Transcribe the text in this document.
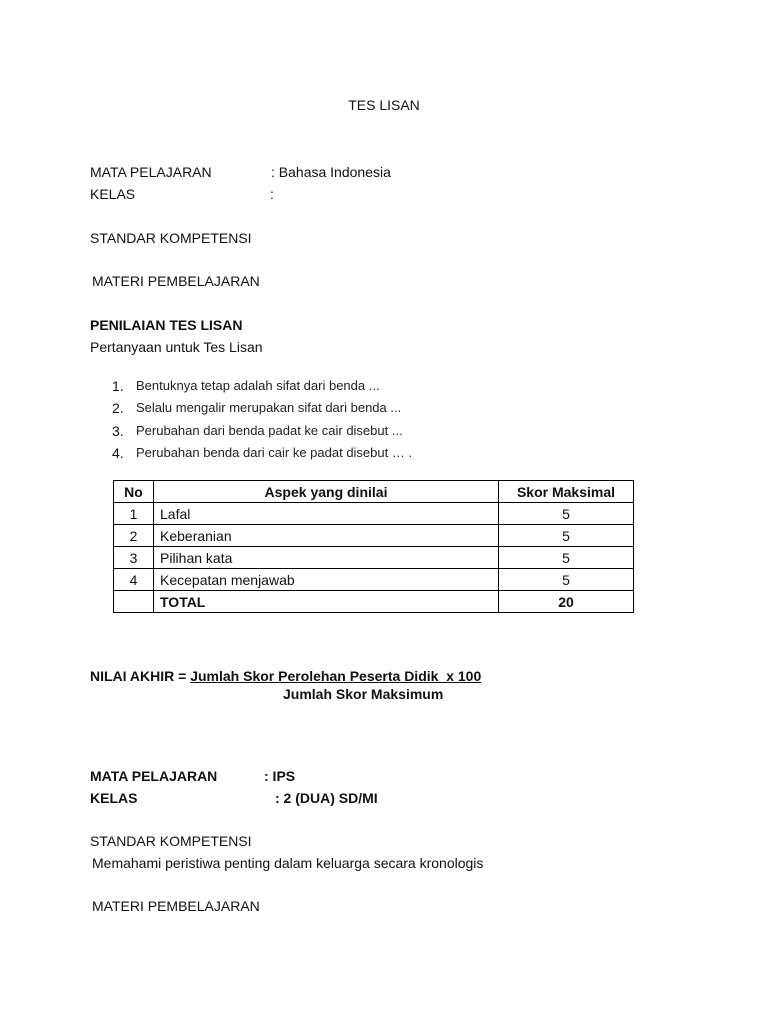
TES LISAN
MATA PELAJARAN	: Bahasa Indonesia
KELAS	:
STANDAR KOMPETENSI
MATERI PEMBELAJARAN
PENILAIAN TES LISAN
Pertanyaan untuk Tes Lisan
1. Bentuknya tetap adalah sifat dari benda ...
2. Selalu mengalir merupakan sifat dari benda ...
3. Perubahan dari benda padat ke cair disebut ...
4. Perubahan benda dari cair ke padat disebut … .
No	Aspek yang dinilai	Skor Maksimal
1	Lafal	5
2	Keberanian	5
3	Pilihan kata	5
4	Kecepatan menjawab	5
	TOTAL	20
NILAI AKHIR = Jumlah Skor Perolehan Peserta Didik  x 100
Jumlah Skor Maksimum
MATA PELAJARAN	: IPS
KELAS	: 2 (DUA) SD/MI
STANDAR KOMPETENSI
Memahami peristiwa penting dalam keluarga secara kronologis
MATERI PEMBELAJARAN
